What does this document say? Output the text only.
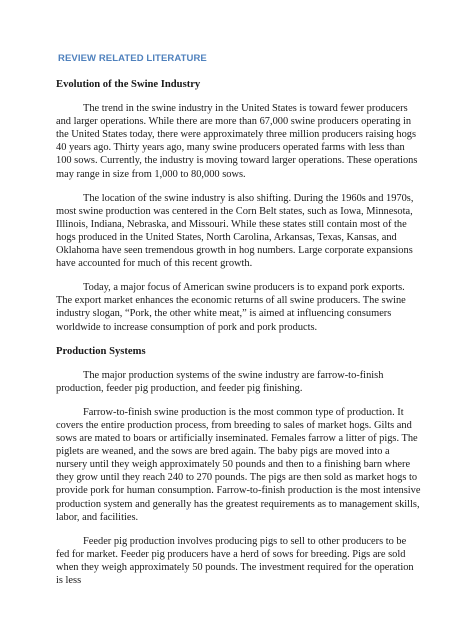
REVIEW RELATED LITERATURE
Evolution of the Swine Industry

The trend in the swine industry in the United States is toward fewer producers and larger operations. While there are more than 67,000 swine producers operating in the United States today, there were approximately three million producers raising hogs 40 years ago. Thirty years ago, many swine producers operated farms with less than 100 sows. Currently, the industry is moving toward larger operations. These operations may range in size from 1,000 to 80,000 sows.

The location of the swine industry is also shifting. During the 1960s and 1970s, most swine production was centered in the Corn Belt states, such as Iowa, Minnesota, Illinois, Indiana, Nebraska, and Missouri. While these states still contain most of the hogs produced in the United States, North Carolina, Arkansas, Texas, Kansas, and Oklahoma have seen tremendous growth in hog numbers. Large corporate expansions have accounted for much of this recent growth.

Today, a major focus of American swine producers is to expand pork exports. The export market enhances the economic returns of all swine producers. The swine industry slogan, “Pork, the other white meat,” is aimed at influencing consumers worldwide to increase consumption of pork and pork products.

Production Systems

The major production systems of the swine industry are farrow-to-finish production, feeder pig production, and feeder pig finishing.

Farrow-to-finish swine production is the most common type of production. It covers the entire production process, from breeding to sales of market hogs. Gilts and sows are mated to boars or artificially inseminated. Females farrow a litter of pigs. The piglets are weaned, and the sows are bred again. The baby pigs are moved into a nursery until they weigh approximately 50 pounds and then to a finishing barn where they grow until they reach 240 to 270 pounds. The pigs are then sold as market hogs to provide pork for human consumption. Farrow-to-finish production is the most intensive production system and generally has the greatest requirements as to management skills, labor, and facilities.

Feeder pig production involves producing pigs to sell to other producers to be fed for market. Feeder pig producers have a herd of sows for breeding. Pigs are sold when they weigh approximately 50 pounds. The investment required for the operation is less
